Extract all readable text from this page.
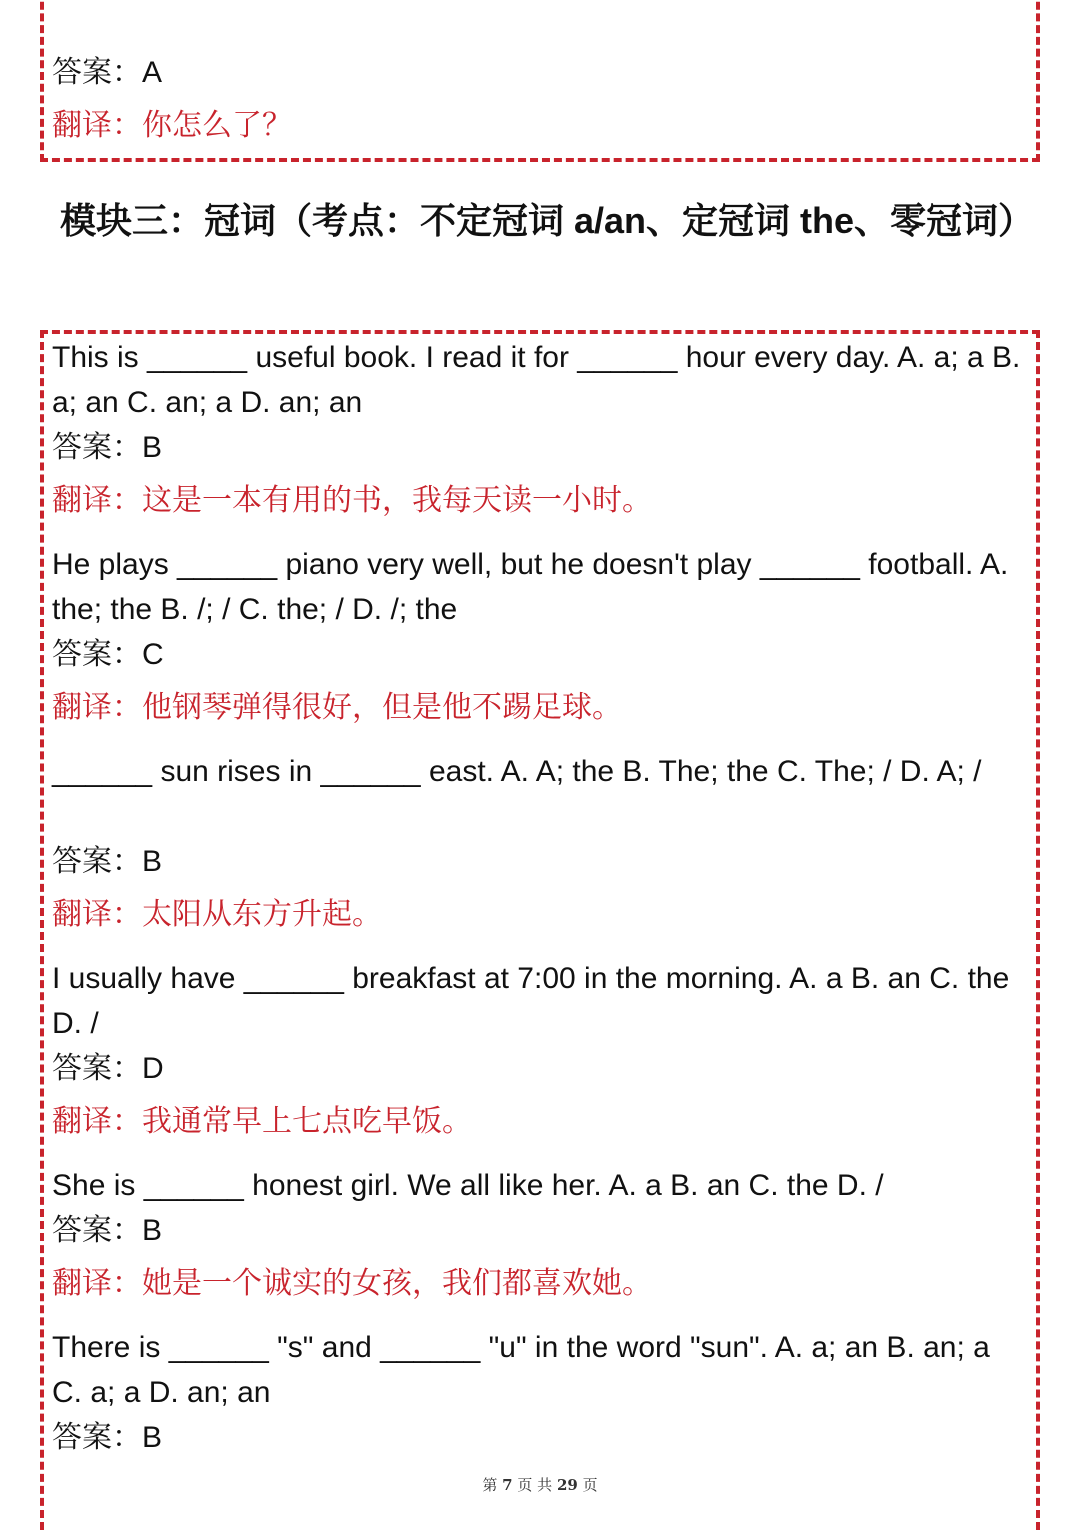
答案：A

翻译：你怎么了？

模块三：冠词（考点：不定冠词 a/an、定冠词 the、零冠词）

This is ______ useful book. I read it for ______ hour every day. A. a; a B. a; an C. an; a D. an; an

答案：B

翻译：这是一本有用的书，我每天读一小时。

He plays ______ piano very well, but he doesn't play ______ football. A. the; the B. /; / C. the; / D. /; the

答案：C

翻译：他钢琴弹得很好，但是他不踢足球。

______ sun rises in ______ east. A. A; the B. The; the C. The; / D. A; /

答案：B

翻译：太阳从东方升起。

I usually have ______ breakfast at 7:00 in the morning. A. a B. an C. the D. /

答案：D

翻译：我通常早上七点吃早饭。

She is ______ honest girl. We all like her. A. a B. an C. the D. /

答案：B

翻译：她是一个诚实的女孩，我们都喜欢她。

There is ______ "s" and ______ "u" in the word "sun". A. a; an B. an; a C. a; a D. an; an

答案：B

第 7 页 共 29 页
